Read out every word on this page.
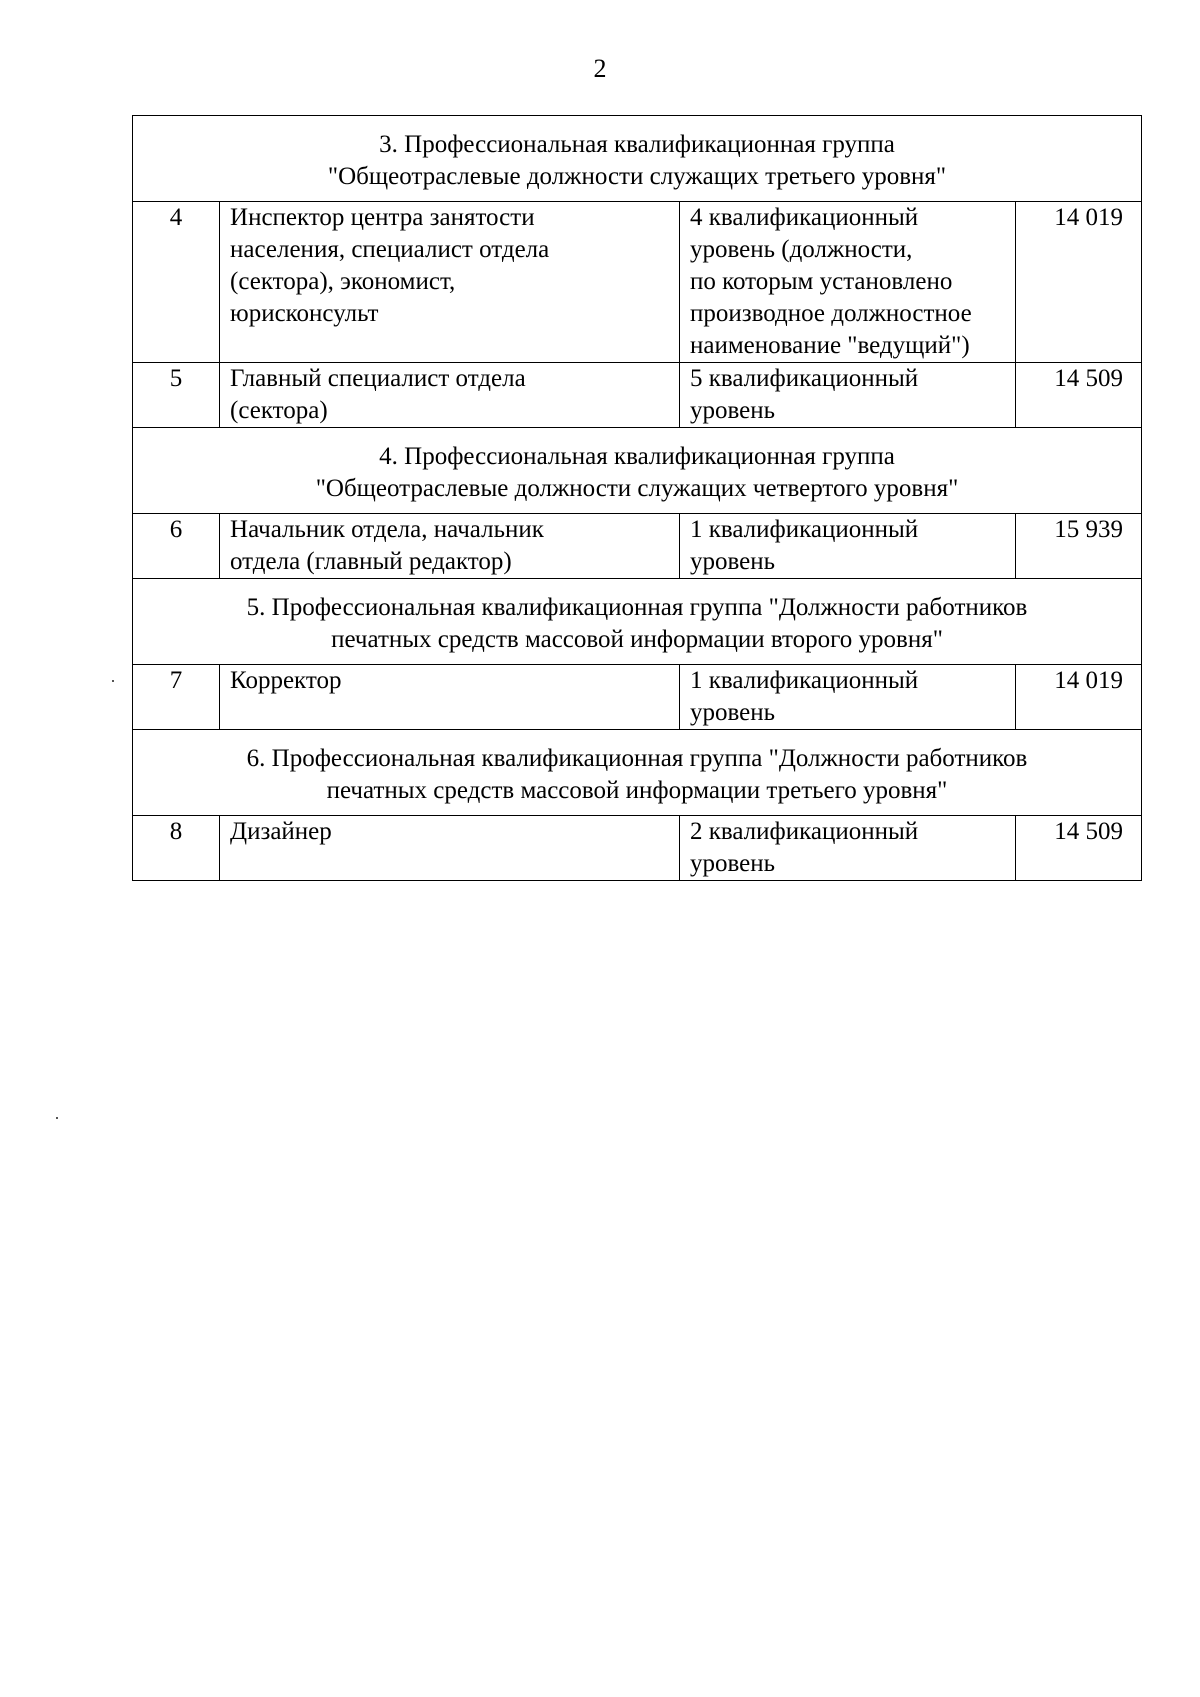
2
3. Профессиональная квалификационная группа
"Общеотраслевые должности служащих третьего уровня"			

4	Инспектор центра занятости
населения, специалист отдела
(сектора), экономист,
юрисконсульт	4 квалификационный
уровень (должности,
по которым установлено
производное должностное
наименование "ведущий")	14 019
5	Главный специалист отдела
(сектора)	5 квалификационный
уровень	14 509

4. Профессиональная квалификационная группа
"Общеотраслевые должности служащих четвертого уровня"			

6	Начальник отдела, начальник
отдела (главный редактор)	1 квалификационный
уровень	15 939

5. Профессиональная квалификационная группа "Должности работников
печатных средств массовой информации второго уровня"			

7	Корректор	1 квалификационный
уровень	14 019

6. Профессиональная квалификационная группа "Должности работников
печатных средств массовой информации третьего уровня"			

8	Дизайнер	2 квалификационный
уровень	14 509
